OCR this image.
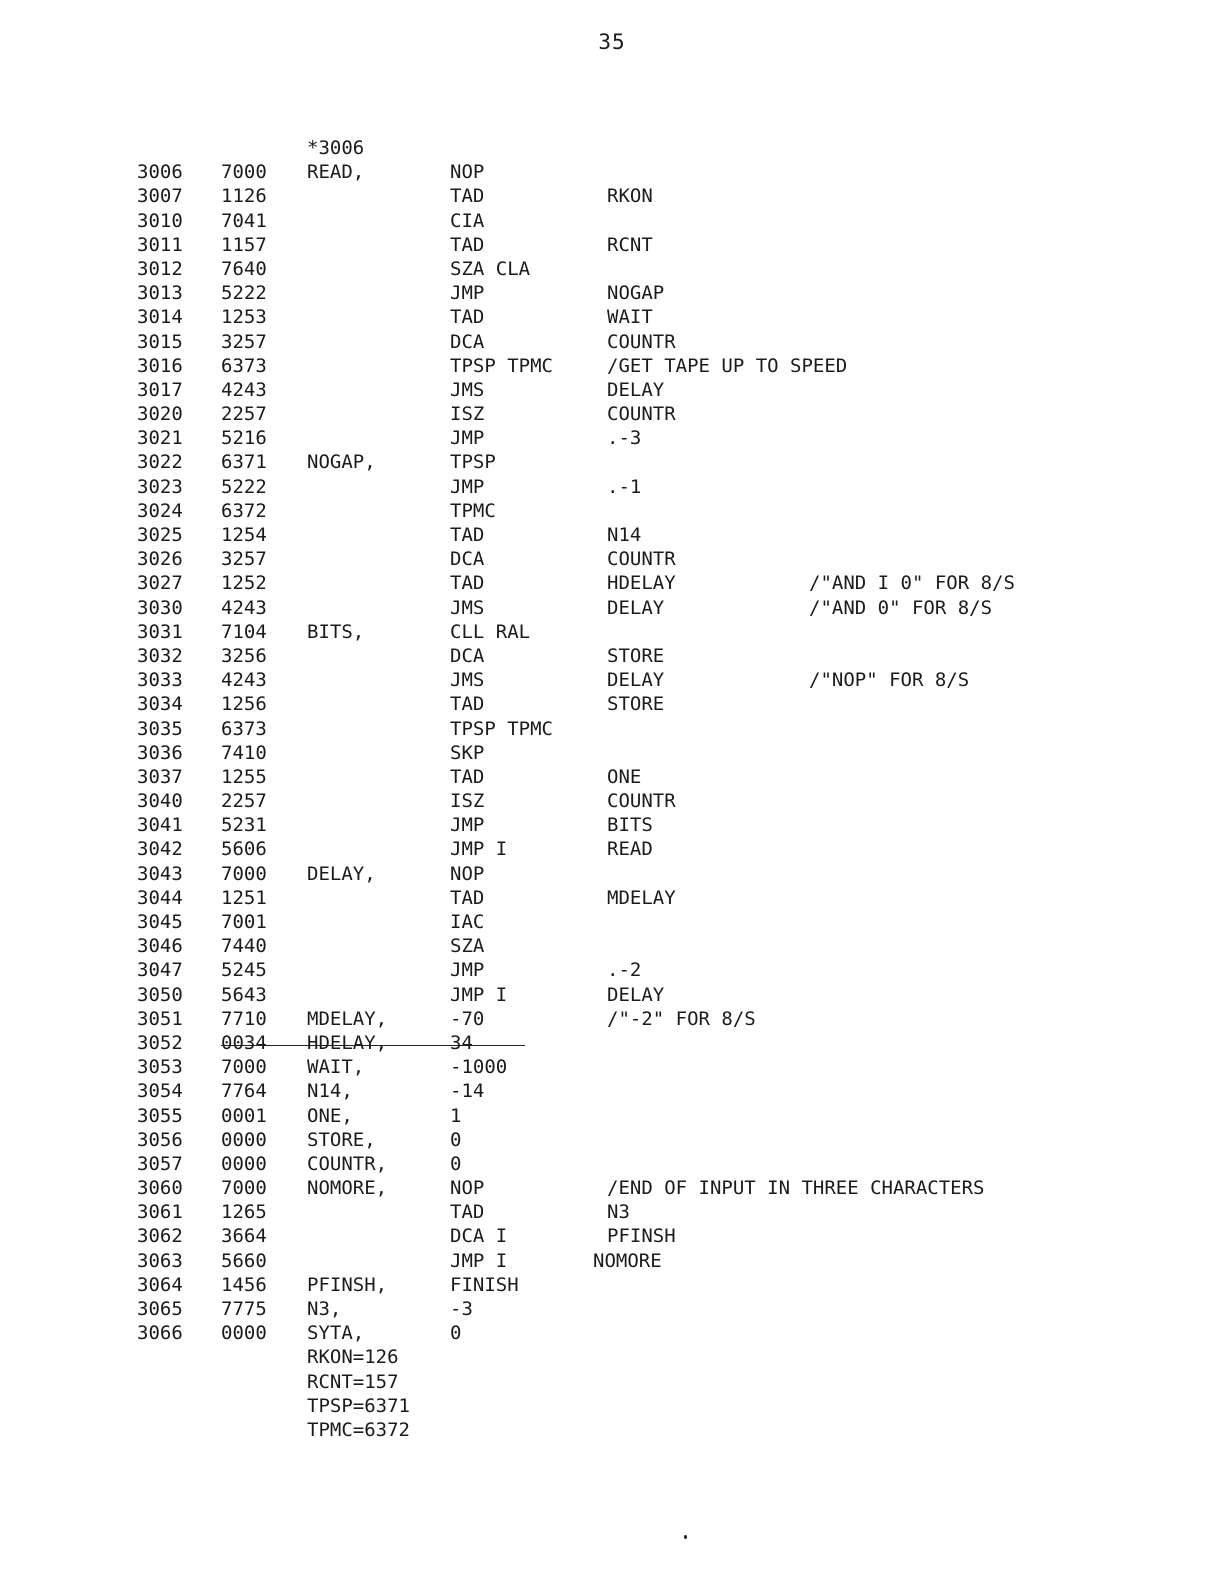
35

*3006

3006 7000 READ,	NOP
3007 1126	TAD	RKON
3010 7041	CIA
3011 1157	TAD	RCNT
3012 7640	SZA CLA
3013 5222	JMP	NOGAP
3014 1253	TAD	WAIT
3015 3257	DCA	COUNTR
3016 6373	TPSP TPMC	/GET TAPE UP TO SPEED
3017 4243	JMS	DELAY
3020 2257	ISZ	COUNTR
3021 5216	JMP	.-3
3022 6371 NOGAP,	TPSP
3023 5222	JMP	.-1
3024 6372	TPMC
3025 1254	TAD	N14
3026 3257	DCA	COUNTR
3027 1252	TAD	HDELAY	/"AND I 0" FOR 8/S
3030 4243	JMS	DELAY	/"AND 0" FOR 8/S
3031 7104 BITS,	CLL RAL
3032 3256	DCA	STORE
3033 4243	JMS	DELAY	/"NOP" FOR 8/S
3034 1256	TAD	STORE
3035 6373	TPSP TPMC
3036 7410	SKP
3037 1255	TAD	ONE
3040 2257	ISZ	COUNTR
3041 5231	JMP	BITS
3042 5606	JMP I	READ
3043 7000 DELAY,	NOP
3044 1251	TAD	MDELAY
3045 7001	IAC
3046 7440	SZA
3047 5245	JMP	.-2
3050 5643	JMP I	DELAY
3051 7710 MDELAY,	-70	/"-2" FOR 8/S
3052 0034 HDELAY,	34
3053 7000 WAIT,	-1000
3054 7764 N14,	-14
3055 0001 ONE,	1
3056 0000 STORE,	0
3057 0000 COUNTR,	0
3060 7000 NOMORE,	NOP	/END OF INPUT IN THREE CHARACTERS
3061 1265	TAD	N3
3062 3664	DCA I	PFINSH
3063 5660	JMP I	NOMORE
3064 1456 PFINSH,	FINISH
3065 7775 N3,	-3
3066 0000 SYTA,	0
RKON=126
RCNT=157
TPSP=6371
TPMC=6372
